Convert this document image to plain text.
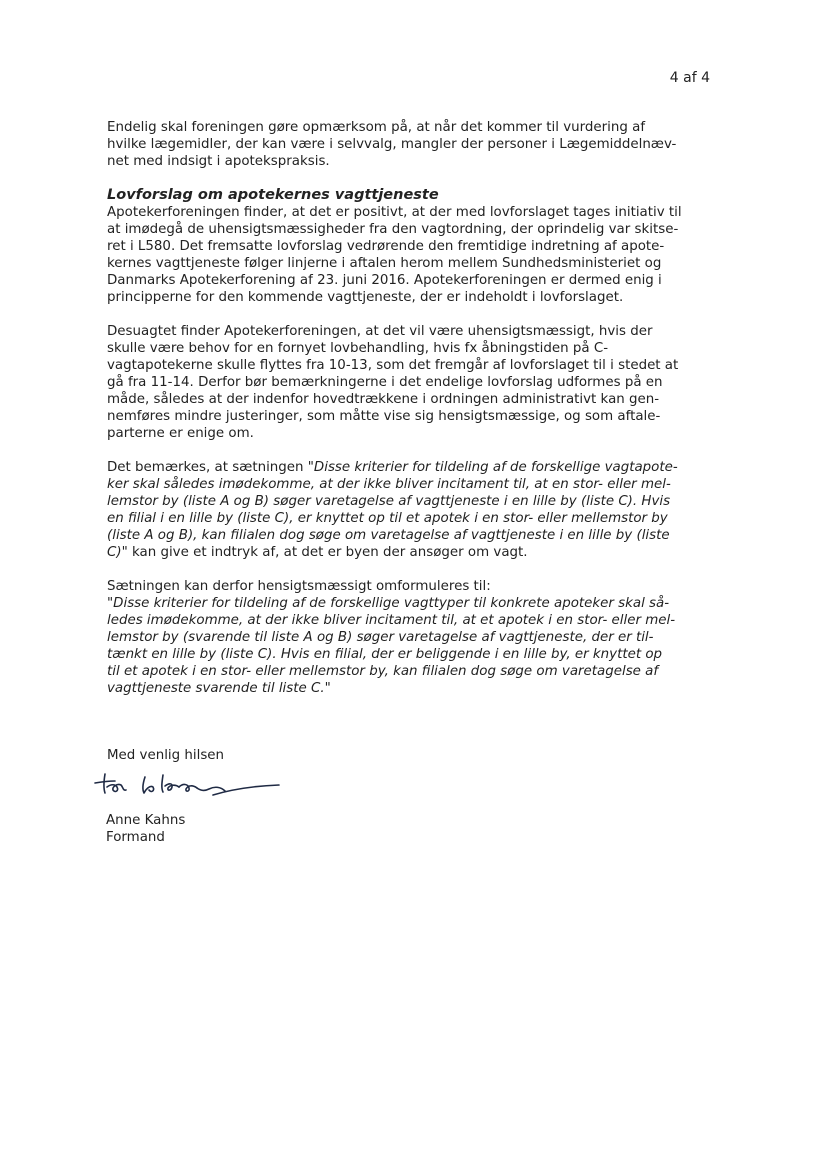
4 af 4
Endelig skal foreningen gøre opmærksom på, at når det kommer til vurdering af
hvilke lægemidler, der kan være i selvvalg, mangler der personer i Lægemiddelnæv-
net med indsigt i apotekspraksis.
Lovforslag om apotekernes vagttjeneste
Apotekerforeningen finder, at det er positivt, at der med lovforslaget tages initiativ til
at imødegå de uhensigtsmæssigheder fra den vagtordning, der oprindelig var skitse-
ret i L580. Det fremsatte lovforslag vedrørende den fremtidige indretning af apote-
kernes vagttjeneste følger linjerne i aftalen herom mellem Sundhedsministeriet og
Danmarks Apotekerforening af 23. juni 2016. Apotekerforeningen er dermed enig i
principperne for den kommende vagttjeneste, der er indeholdt i lovforslaget.
Desuagtet finder Apotekerforeningen, at det vil være uhensigtsmæssigt, hvis der
skulle være behov for en fornyet lovbehandling, hvis fx åbningstiden på C-
vagtapotekerne skulle flyttes fra 10-13, som det fremgår af lovforslaget til i stedet at
gå fra 11-14. Derfor bør bemærkningerne i det endelige lovforslag udformes på en
måde, således at der indenfor hovedtrækkene i ordningen administrativt kan gen-
nemføres mindre justeringer, som måtte vise sig hensigtsmæssige, og som aftale-
parterne er enige om.
Det bemærkes, at sætningen "Disse kriterier for tildeling af de forskellige vagtapote-
ker skal således imødekomme, at der ikke bliver incitament til, at en stor- eller mel-
lemstor by (liste A og B) søger varetagelse af vagttjeneste i en lille by (liste C). Hvis
en filial i en lille by (liste C), er knyttet op til et apotek i en stor- eller mellemstor by
(liste A og B), kan filialen dog søge om varetagelse af vagttjeneste i en lille by (liste
C)" kan give et indtryk af, at det er byen der ansøger om vagt.
Sætningen kan derfor hensigtsmæssigt omformuleres til:
"Disse kriterier for tildeling af de forskellige vagttyper til konkrete apoteker skal så-
ledes imødekomme, at der ikke bliver incitament til, at et apotek i en stor- eller mel-
lemstor by (svarende til liste A og B) søger varetagelse af vagttjeneste, der er til-
tænkt en lille by (liste C). Hvis en filial, der er beliggende i en lille by, er knyttet op
til et apotek i en stor- eller mellemstor by, kan filialen dog søge om varetagelse af
vagttjeneste svarende til liste C."
Med venlig hilsen
Anne Kahns
Formand
